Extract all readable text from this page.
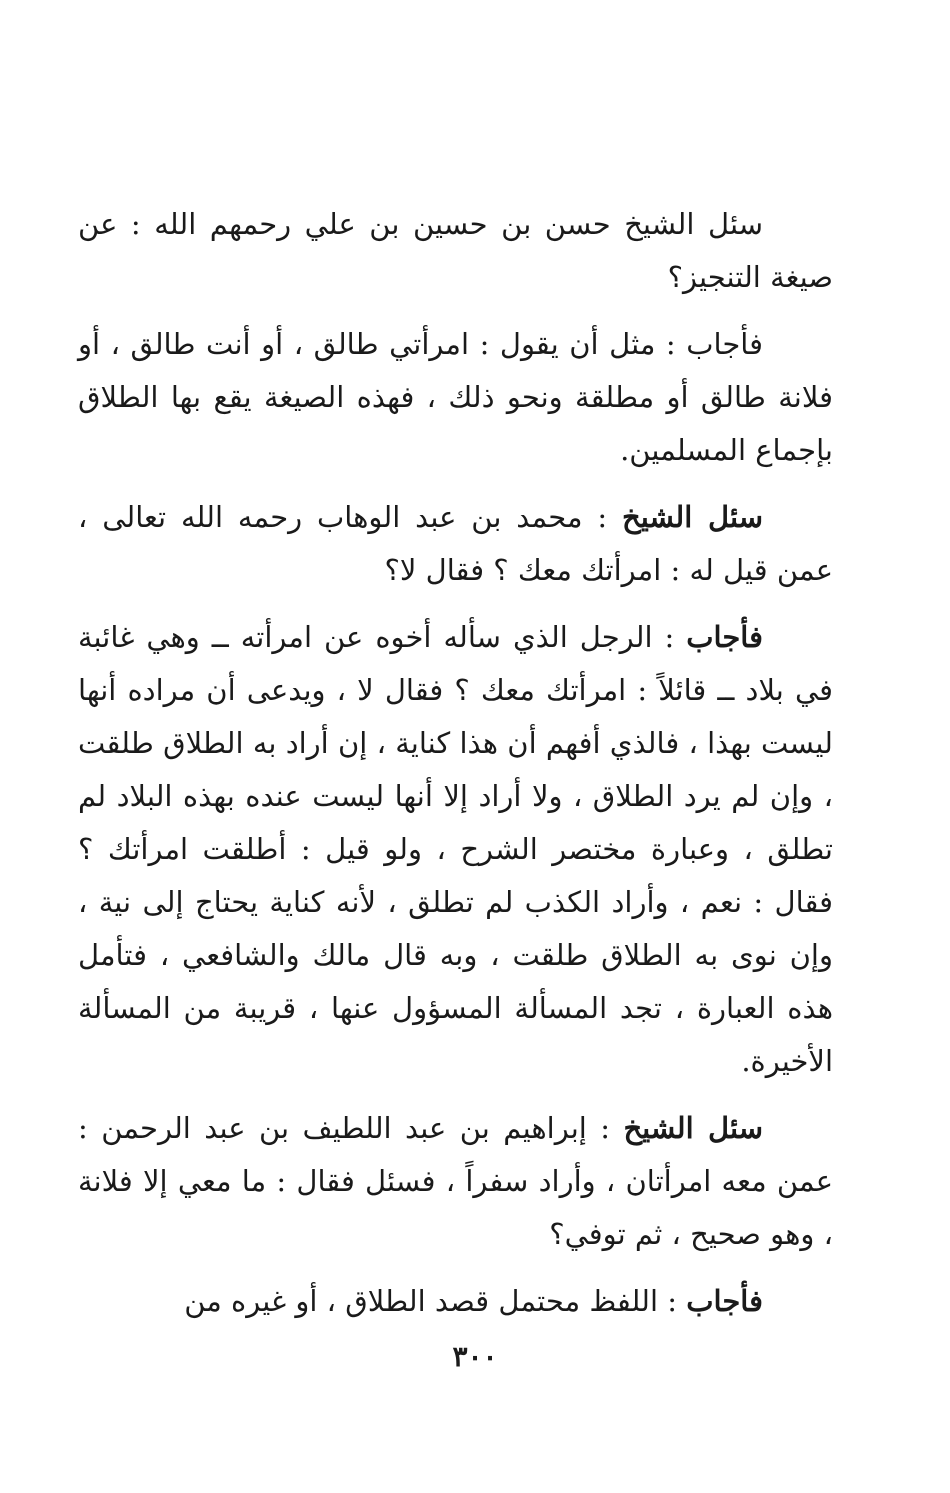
سئل الشيخ حسن بن حسين بن علي رحمهم الله : عن صيغة التنجيز؟

فأجاب : مثل أن يقول : امرأتي طالق ، أو أنت طالق ، أو فلانة طالق أو مطلقة ونحو ذلك ، فهذه الصيغة يقع بها الطلاق بإجماع المسلمين.

سئل الشيخ : محمد بن عبد الوهاب رحمه الله تعالى ، عمن قيل له : امرأتك معك ؟ فقال لا؟

فأجاب : الرجل الذي سأله أخوه عن امرأته ــ وهي غائبة في بلاد ــ قائلاً : امرأتك معك ؟ فقال لا ، ويدعى أن مراده أنها ليست بهذا ، فالذي أفهم أن هذا كناية ، إن أراد به الطلاق طلقت ، وإن لم يرد الطلاق ، ولا أراد إلا أنها ليست عنده بهذه البلاد لم تطلق ، وعبارة مختصر الشرح ، ولو قيل : أطلقت امرأتك ؟ فقال : نعم ، وأراد الكذب لم تطلق ، لأنه كناية يحتاج إلى نية ، وإن نوى به الطلاق طلقت ، وبه قال مالك والشافعي ، فتأمل هذه العبارة ، تجد المسألة المسؤول عنها ، قريبة من المسألة الأخيرة.

سئل الشيخ : إبراهيم بن عبد اللطيف بن عبد الرحمن : عمن معه امرأتان ، وأراد سفراً ، فسئل فقال : ما معي إلا فلانة ، وهو صحيح ، ثم توفي؟

فأجاب : اللفظ محتمل قصد الطلاق ، أو غيره من

٣٠٠
